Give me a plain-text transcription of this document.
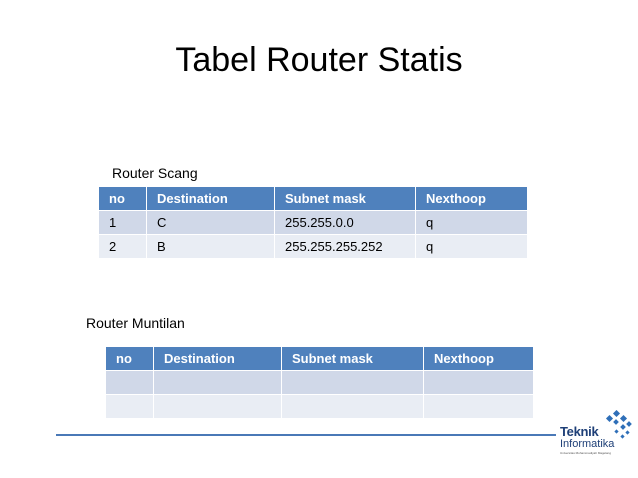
Tabel Router Statis
Router Scang
no	Destination	Subnet mask	Nexthoop
1	C	255.255.0.0	q
2	B	255.255.255.252	q
Router Muntilan
no	Destination	Subnet mask	Nexthoop

Teknik
Informatika
Universitas Muhammadiyah Magelang
